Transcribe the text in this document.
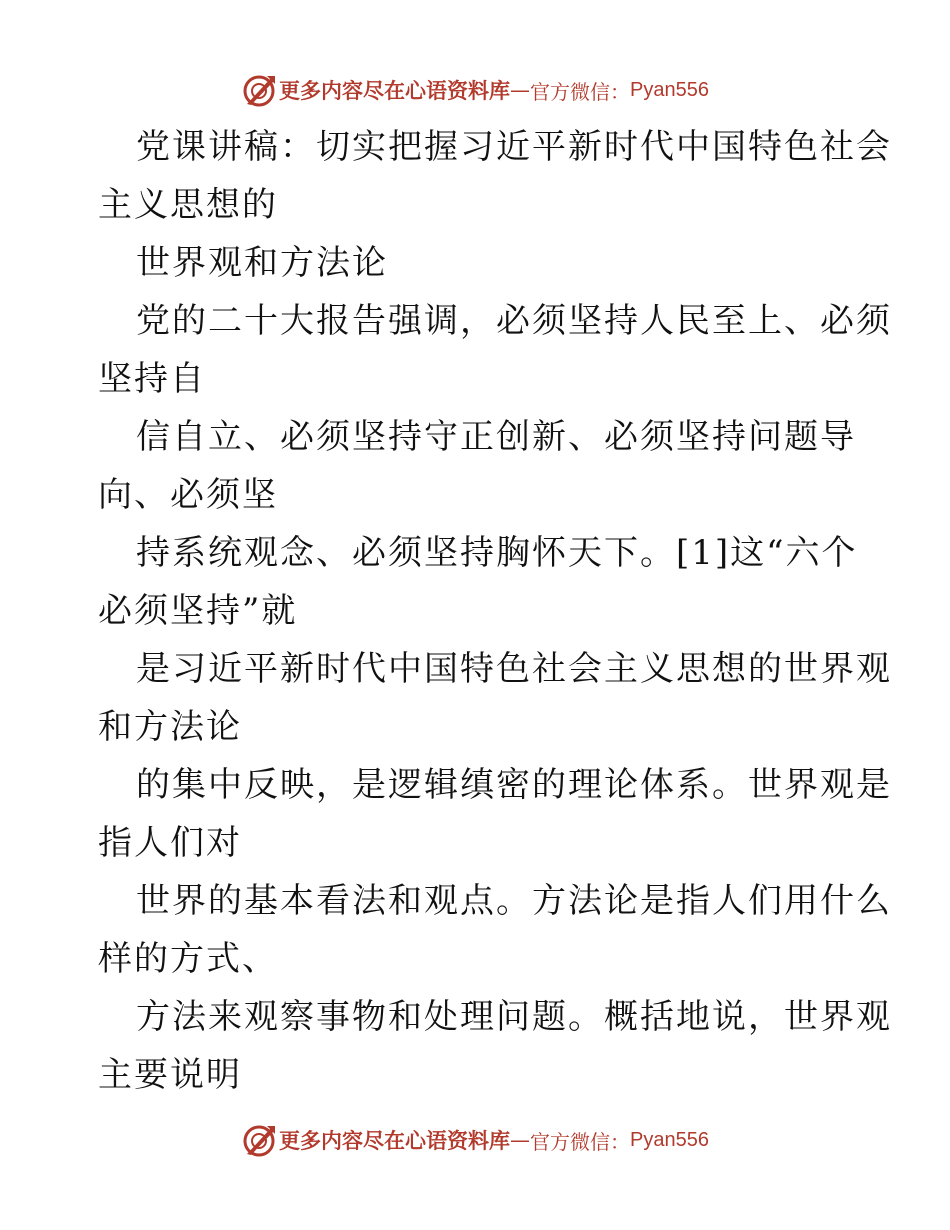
更多内容尽在心语资料库 — 官方微信： Pyan556
党课讲稿：切实把握习近平新时代中国特色社会
主义思想的
世界观和方法论
党的二十大报告强调，必须坚持人民至上、必须
坚持自
信自立、必须坚持守正创新、必须坚持问题导
向、必须坚
持系统观念、必须坚持胸怀天下。[1]这“六个
必须坚持”就
是习近平新时代中国特色社会主义思想的世界观
和方法论
的集中反映，是逻辑缜密的理论体系。世界观是
指人们对
世界的基本看法和观点。方法论是指人们用什么
样的方式、
方法来观察事物和处理问题。概括地说，世界观
主要说明
更多内容尽在心语资料库 — 官方微信： Pyan556
